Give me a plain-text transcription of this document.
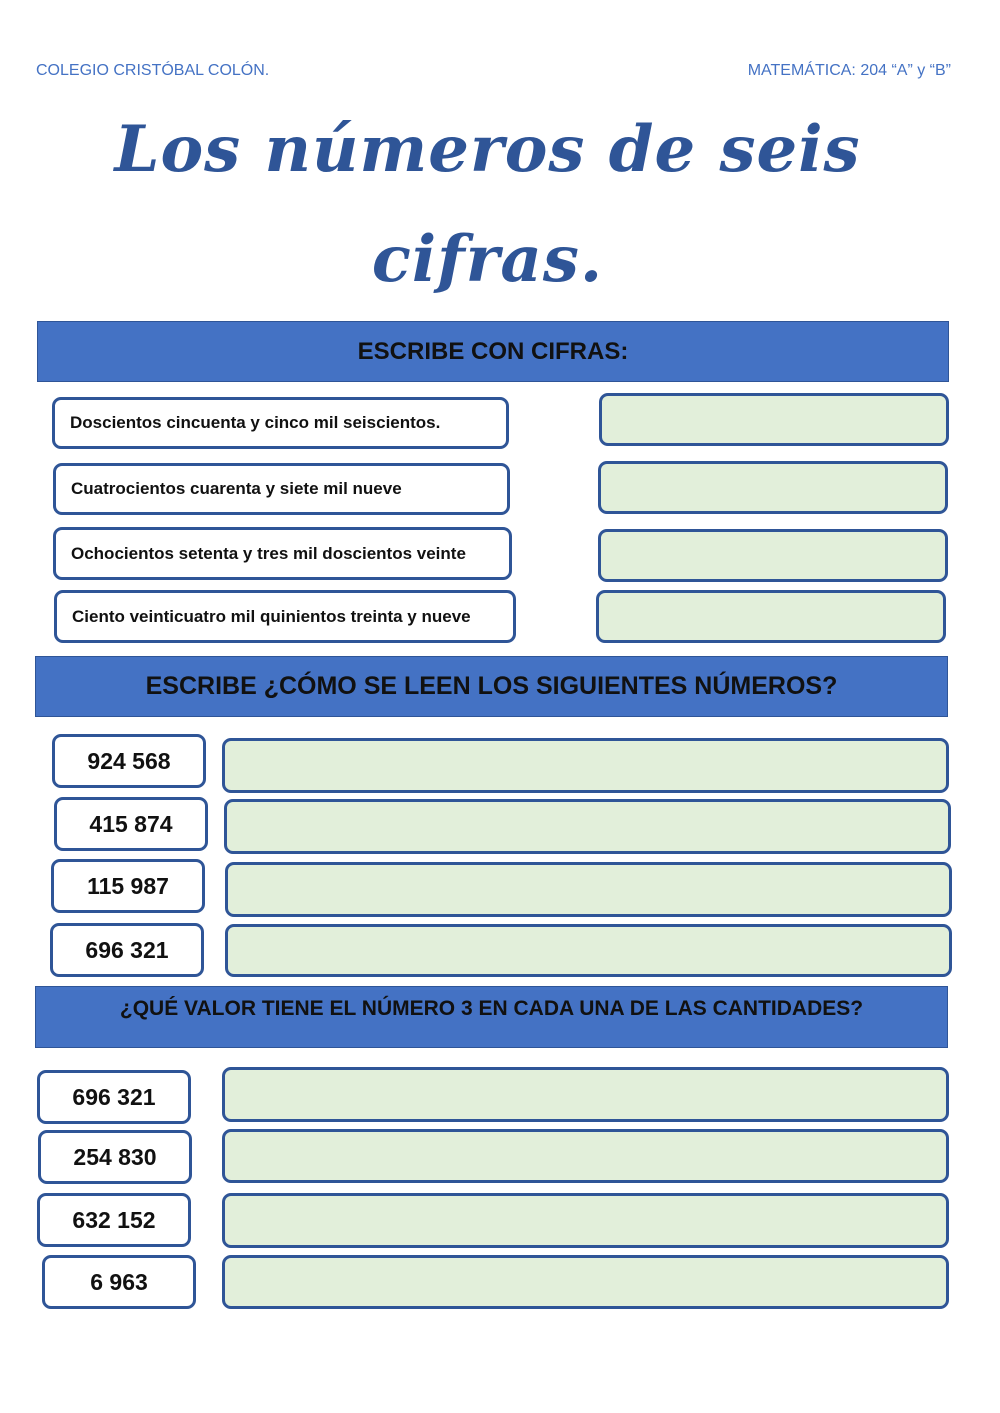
COLEGIO CRISTÓBAL COLÓN.	MATEMÁTICA: 204 “A” y “B”
Los números de seis
cifras.
ESCRIBE CON CIFRAS:
Doscientos cincuenta y cinco mil seiscientos.
Cuatrocientos cuarenta y siete mil nueve
Ochocientos setenta y tres mil doscientos veinte
Ciento veinticuatro mil quinientos treinta y nueve
ESCRIBE ¿CÓMO SE LEEN LOS SIGUIENTES NÚMEROS?
924 568
415 874
115 987
696 321
¿QUÉ VALOR TIENE EL NÚMERO 3 EN CADA UNA DE LAS CANTIDADES?
696 321
254 830
632 152
6 963
